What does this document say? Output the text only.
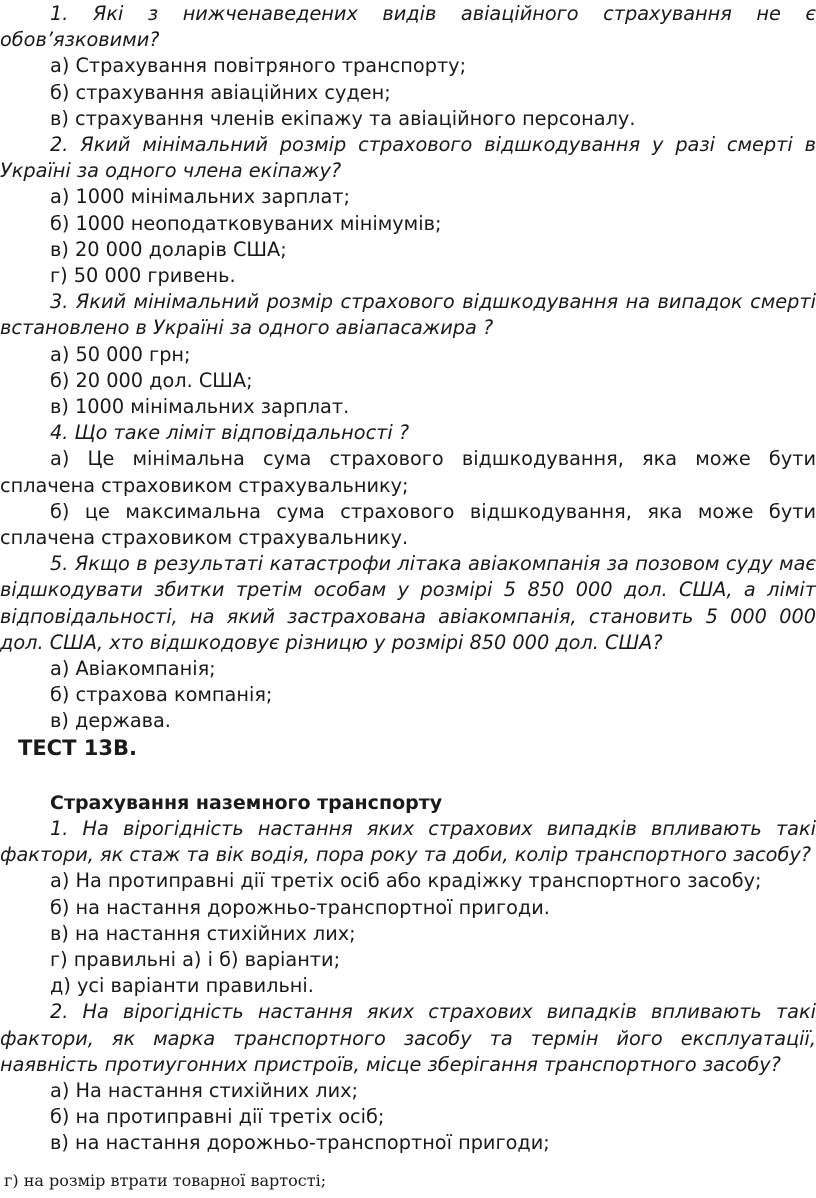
1. Які з нижченаведених видів авіаційного страхування не є обов’язковими?

а) Страхування повітряного транспорту;

б) страхування авіаційних суден;

в) страхування членів екіпажу та авіаційного персоналу.

2. Який мінімальний розмір страхового відшкодування у разі смерті в Україні за одного члена екіпажу?

а) 1000 мінімальних зарплат;

б) 1000 неоподатковуваних мінімумів;

в) 20 000 доларів США;

г) 50 000 гривень.

3. Який мінімальний розмір страхового відшкодування на випадок смерті встановлено в Україні за одного авіапасажира ?

а) 50 000 грн;

б) 20 000 дол. США;

в) 1000 мінімальних зарплат.

4. Що таке ліміт відповідальності ?

а) Це мінімальна сума страхового відшкодування, яка може бути сплачена страховиком страхувальнику;

б) це максимальна сума страхового відшкодування, яка може бути сплачена страховиком страхувальнику.

5. Якщо в результаті катастрофи літака авіакомпанія за позовом суду має відшкодувати збитки третім особам у розмірі 5 850 000 дол. США, а ліміт відповідальності, на який застрахована авіакомпанія, становить 5 000 000 дол. США, хто відшкодовує різницю у розмірі 850 000 дол. США?

а) Авіакомпанія;

б) страхова компанія;

в) держава.

ТЕСТ 13В.
Страхування наземного транспорту

1. На вірогідність настання яких страхових випадків впливають такі фактори, як стаж та вік водія, пора року та доби, колір транспортного засобу?

а) На протиправні дії третіх осіб або крадіжку транспортного засобу;

б) на настання дорожньо-транспортної пригоди.

в) на настання стихійних лих;

г) правильні а) і б) варіанти;

д) усі варіанти правильні.

2. На вірогідність настання яких страхових випадків впливають такі фактори, як марка транспортного засобу та термін його експлуатації, наявність протиугонних пристроїв, місце зберігання транспортного засобу?

а) На настання стихійних лих;

б) на протиправні дії третіх осіб;

в) на настання дорожньо-транспортної пригоди;

г) на розмір втрати товарної вартості;
